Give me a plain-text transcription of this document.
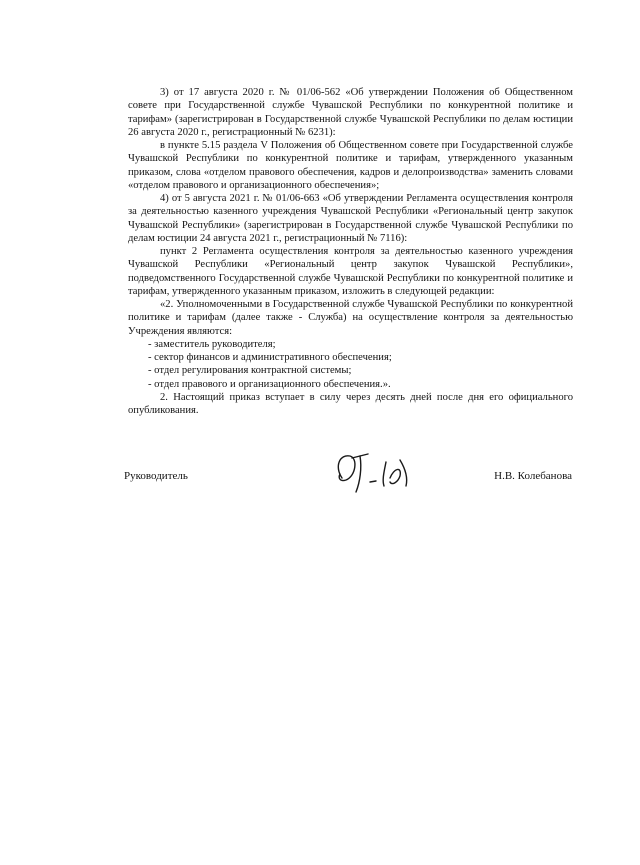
3) от 17 августа 2020 г. № 01/06-562 «Об утверждении Положения об Общественном совете при Государственной службе Чувашской Республики по конкурентной политике и тарифам» (зарегистрирован в Государственной службе Чувашской Республики по делам юстиции 26 августа 2020 г., регистрационный № 6231):

в пункте 5.15 раздела V Положения об Общественном совете при Государственной службе Чувашской Республики по конкурентной политике и тарифам, утвержденного указанным приказом, слова «отделом правового обеспечения, кадров и делопроизводства» заменить словами «отделом правового и организационного обеспечения»;

4) от 5 августа 2021 г. № 01/06-663 «Об утверждении Регламента осуществления контроля за деятельностью казенного учреждения Чувашской Республики «Региональный центр закупок Чувашской Республики» (зарегистрирован в Государственной службе Чувашской Республики по делам юстиции 24 августа 2021 г., регистрационный № 7116):

пункт 2 Регламента осуществления контроля за деятельностью казенного учреждения Чувашской Республики «Региональный центр закупок Чувашской Республики», подведомственного Государственной службе Чувашской Республики по конкурентной политике и тарифам, утвержденного указанным приказом, изложить в следующей редакции:

«2. Уполномоченными в Государственной службе Чувашской Республики по конкурентной политике и тарифам (далее также - Служба) на осуществление контроля за деятельностью Учреждения являются:

- заместитель руководителя;

- сектор финансов и административного обеспечения;

- отдел регулирования контрактной системы;

- отдел правового и организационного обеспечения.».

2. Настоящий приказ вступает в силу через десять дней после дня его официального опубликования.

Руководитель	Н.В. Колебанова
